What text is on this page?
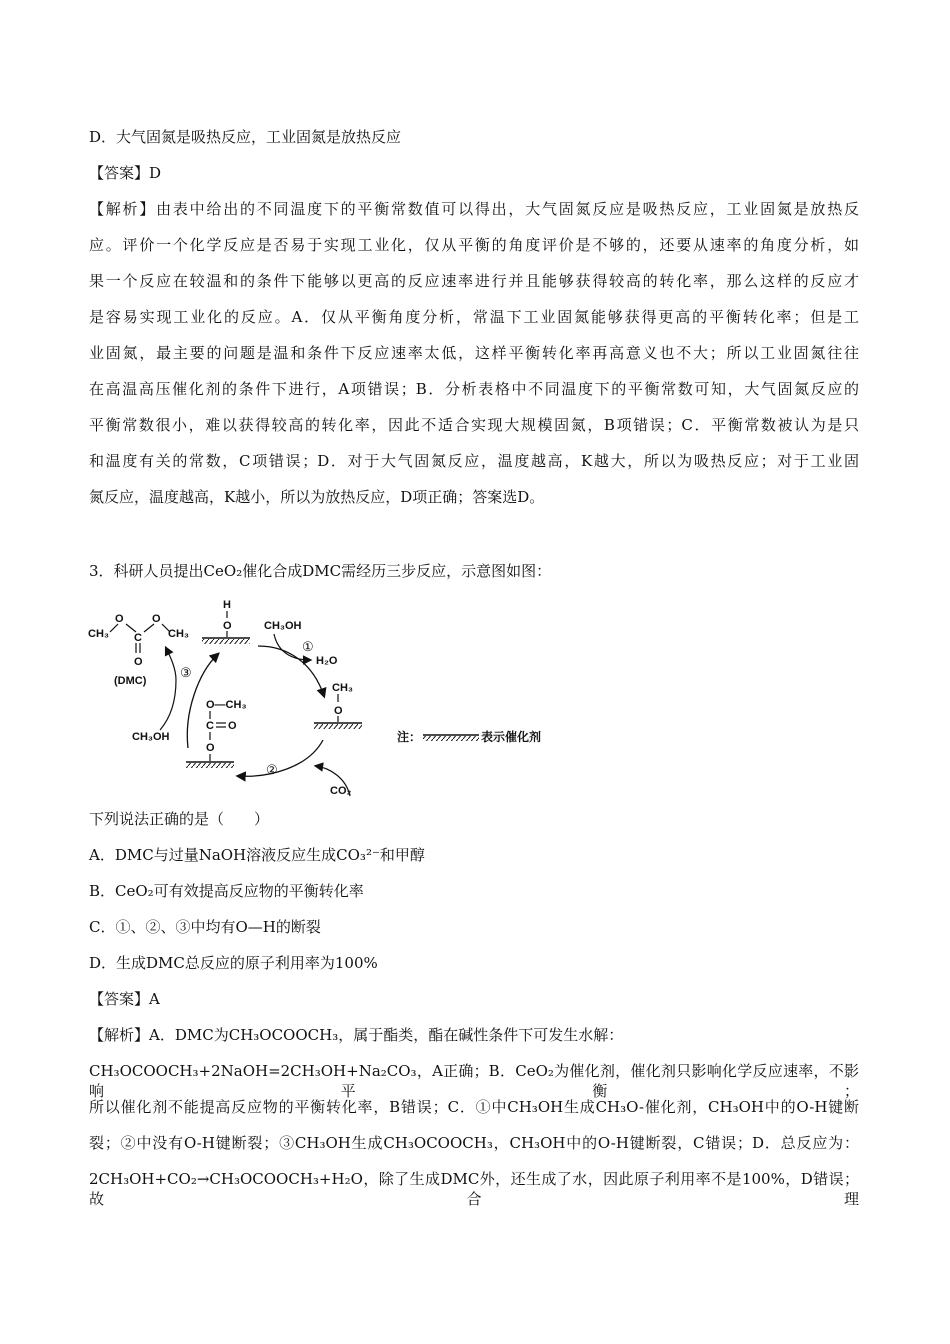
D．大气固氮是吸热反应，工业固氮是放热反应
【答案】D
【解析】由表中给出的不同温度下的平衡常数值可以得出，大气固氮反应是吸热反应，工业固氮是放热反
应。评价一个化学反应是否易于实现工业化，仅从平衡的角度评价是不够的，还要从速率的角度分析，如
果一个反应在较温和的条件下能够以更高的反应速率进行并且能够获得较高的转化率，那么这样的反应才
是容易实现工业化的反应。A．仅从平衡角度分析，常温下工业固氮能够获得更高的平衡转化率；但是工
业固氮，最主要的问题是温和条件下反应速率太低，这样平衡转化率再高意义也不大；所以工业固氮往往
在高温高压催化剂的条件下进行，A项错误；B．分析表格中不同温度下的平衡常数可知，大气固氮反应的
平衡常数很小，难以获得较高的转化率，因此不适合实现大规模固氮，B项错误；C．平衡常数被认为是只
和温度有关的常数，C项错误；D．对于大气固氮反应，温度越高，K越大，所以为吸热反应；对于工业固
氮反应，温度越高，K越小，所以为放热反应，D项正确；答案选D。
3．科研人员提出CeO₂催化合成DMC需经历三步反应，示意图如图：
CH₃
O
C
O
CH₃
O
(DMC)
H
O	CH₃OH
H₂O
①
CH₃
O
CO₂
②
O—CH₃
C O
O
③
CH₃OH	注：	表示催化剂
下列说法正确的是（　　）
A．DMC与过量NaOH溶液反应生成CO₃²⁻和甲醇
B．CeO₂可有效提高反应物的平衡转化率
C．①、②、③中均有O—H的断裂
D．生成DMC总反应的原子利用率为100%
【答案】A
【解析】A．DMC为CH₃OCOOCH₃，属于酯类，酯在碱性条件下可发生水解：
CH₃OCOOCH₃+2NaOH=2CH₃OH+Na₂CO₃，A正确；B．CeO₂为催化剂，催化剂只影响化学反应速率，不影响平衡；
所以催化剂不能提高反应物的平衡转化率，B错误；C．①中CH₃OH生成CH₃O-催化剂，CH₃OH中的O-H键断
裂；②中没有O-H键断裂；③CH₃OH生成CH₃OCOOCH₃，CH₃OH中的O-H键断裂，C错误；D．总反应为：
2CH₃OH+CO₂→CH₃OCOOCH₃+H₂O，除了生成DMC外，还生成了水，因此原子利用率不是100%，D错误；故合理
